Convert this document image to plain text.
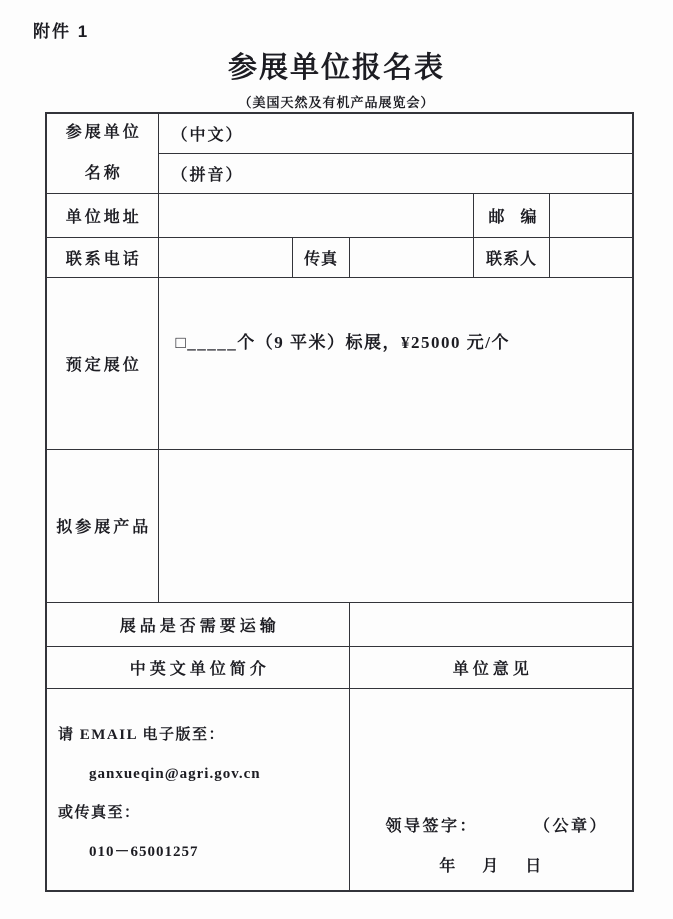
附件 1
参展单位报名表
（美国天然及有机产品展览会）
参展单位
名称	（中文）				
	（拼音）				
单位地址				邮　编	
联系电话		传真		联系人	
预定展位	□_____个（9 平米）标展，¥25000 元/个				
拟参展产品					
展品是否需要运输					
中英文单位简介			单位意见		

请 EMAIL 电子版至：
ganxueqin@agri.gov.cn
或传真至：
010－65001257

领导签字：	（公章）
年 月 日
